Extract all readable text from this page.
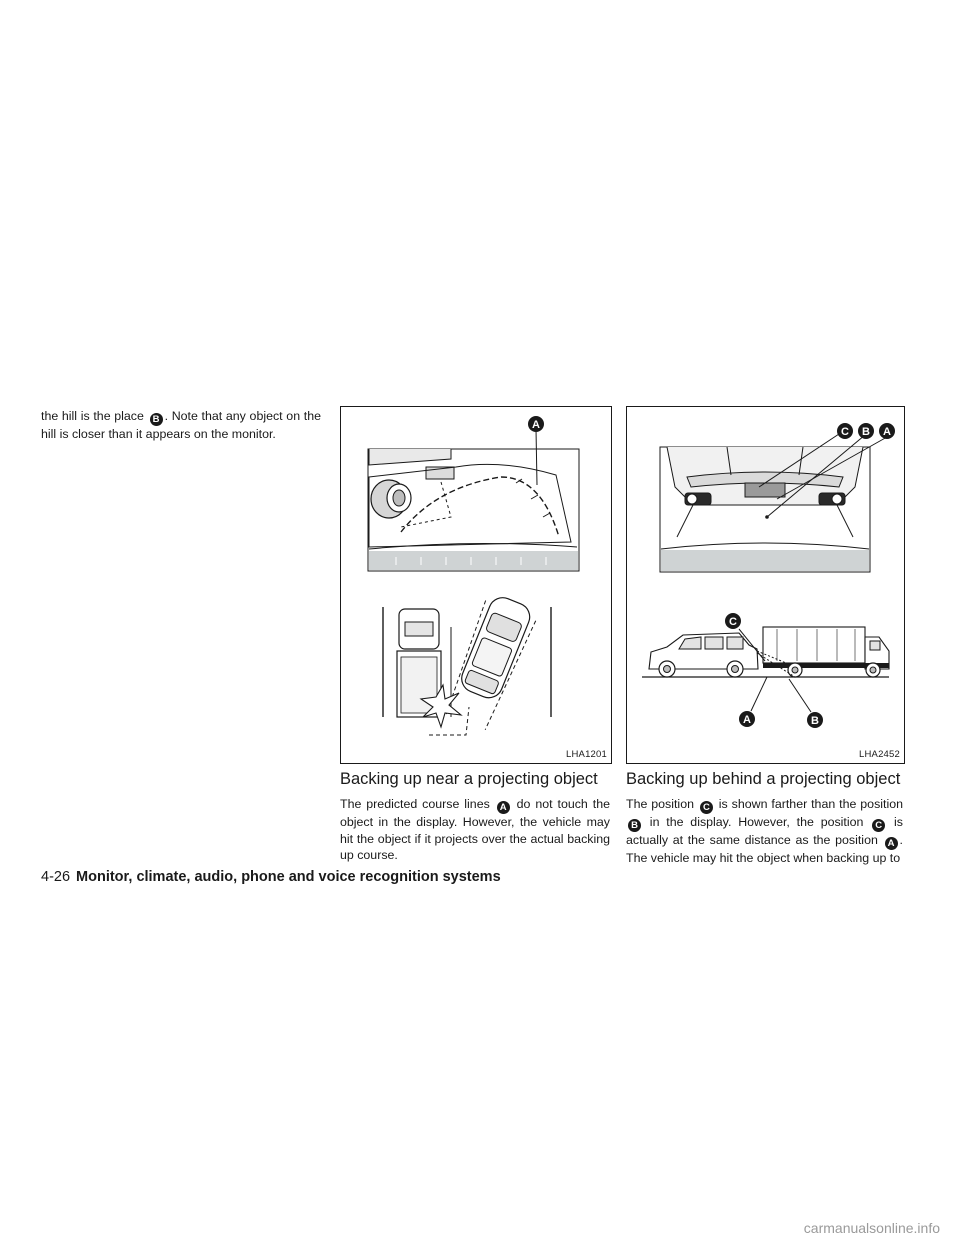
the hill is the place B . Note that any object on the hill is closer than it appears on the monitor.
A
LHA1201
C B A
C
A	B
LHA2452
Backing up near a projecting object
The predicted course lines A do not touch the object in the display. However, the vehicle may hit the object if it projects over the actual backing up course.
Backing up behind a projecting object
The position C is shown farther than the position B in the display. However, the position C is actually at the same distance as the position A . The vehicle may hit the object when backing up to
4-26 Monitor, climate, audio, phone and voice recognition systems
carmanualsonline.info
